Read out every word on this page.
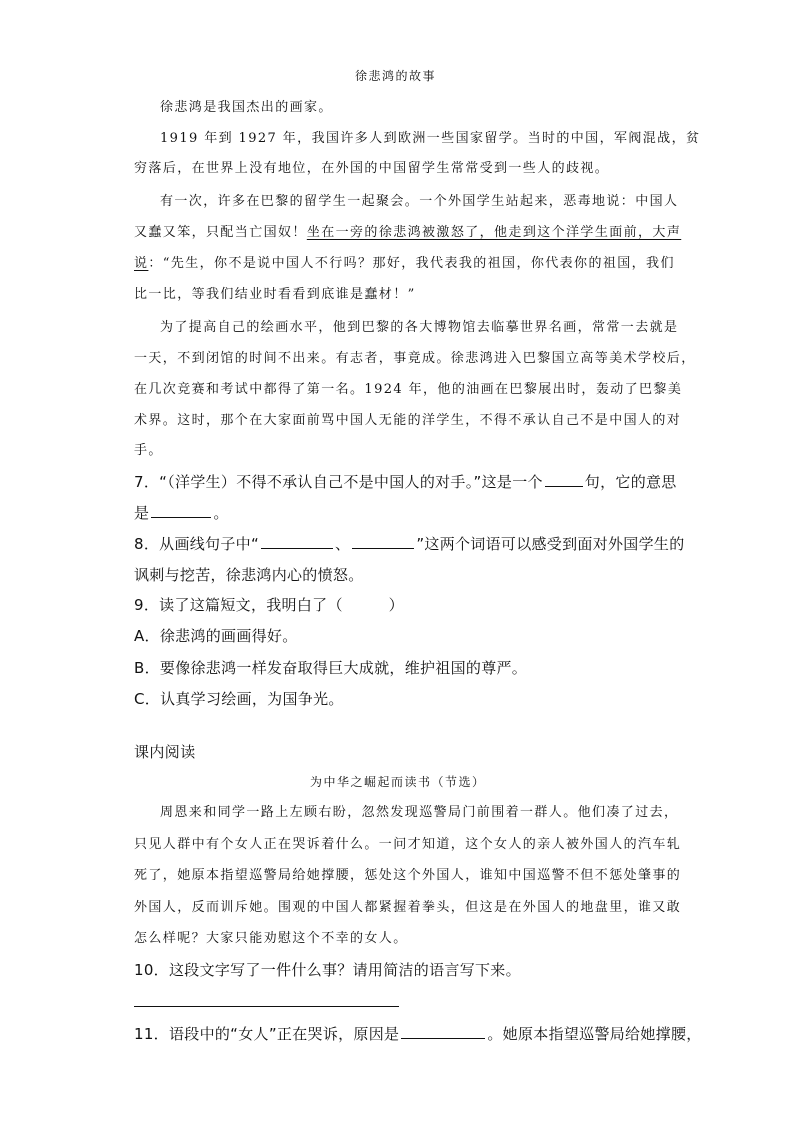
徐悲鸿的故事
徐悲鸿是我国杰出的画家。
1919 年到 1927 年，我国许多人到欧洲一些国家留学。当时的中国，军阀混战，贫
穷落后，在世界上没有地位，在外国的中国留学生常常受到一些人的歧视。
有一次，许多在巴黎的留学生一起聚会。一个外国学生站起来，恶毒地说：中国人
又蠢又笨，只配当亡国奴！坐在一旁的徐悲鸿被激怒了，他走到这个洋学生面前，大声
说：“先生，你不是说中国人不行吗？那好，我代表我的祖国，你代表你的祖国，我们
比一比，等我们结业时看看到底谁是蠢材！”
为了提高自己的绘画水平，他到巴黎的各大博物馆去临摹世界名画，常常一去就是
一天，不到闭馆的时间不出来。有志者，事竟成。徐悲鸿进入巴黎国立高等美术学校后，
在几次竞赛和考试中都得了第一名。1924 年，他的油画在巴黎展出时，轰动了巴黎美
术界。这时，那个在大家面前骂中国人无能的洋学生，不得不承认自己不是中国人的对
手。
7．“（洋学生）不得不承认自己不是中国人的对手。”这是一个	句，它的意思
是	。
8．从画线句子中“	、	”这两个词语可以感受到面对外国学生的
讽刺与挖苦，徐悲鸿内心的愤怒。
9．读了这篇短文，我明白了（　　　）
A．徐悲鸿的画画得好。
B．要像徐悲鸿一样发奋取得巨大成就，维护祖国的尊严。
C．认真学习绘画，为国争光。
课内阅读
为中华之崛起而读书（节选）
周恩来和同学一路上左顾右盼，忽然发现巡警局门前围着一群人。他们凑了过去，
只见人群中有个女人正在哭诉着什么。一问才知道，这个女人的亲人被外国人的汽车轧
死了，她原本指望巡警局给她撑腰，惩处这个外国人，谁知中国巡警不但不惩处肇事的
外国人，反而训斥她。围观的中国人都紧握着拳头，但这是在外国人的地盘里，谁又敢
怎么样呢？大家只能劝慰这个不幸的女人。
10．这段文字写了一件什么事？请用简洁的语言写下来。
11．语段中的“女人”正在哭诉，原因是	。她原本指望巡警局给她撑腰，
